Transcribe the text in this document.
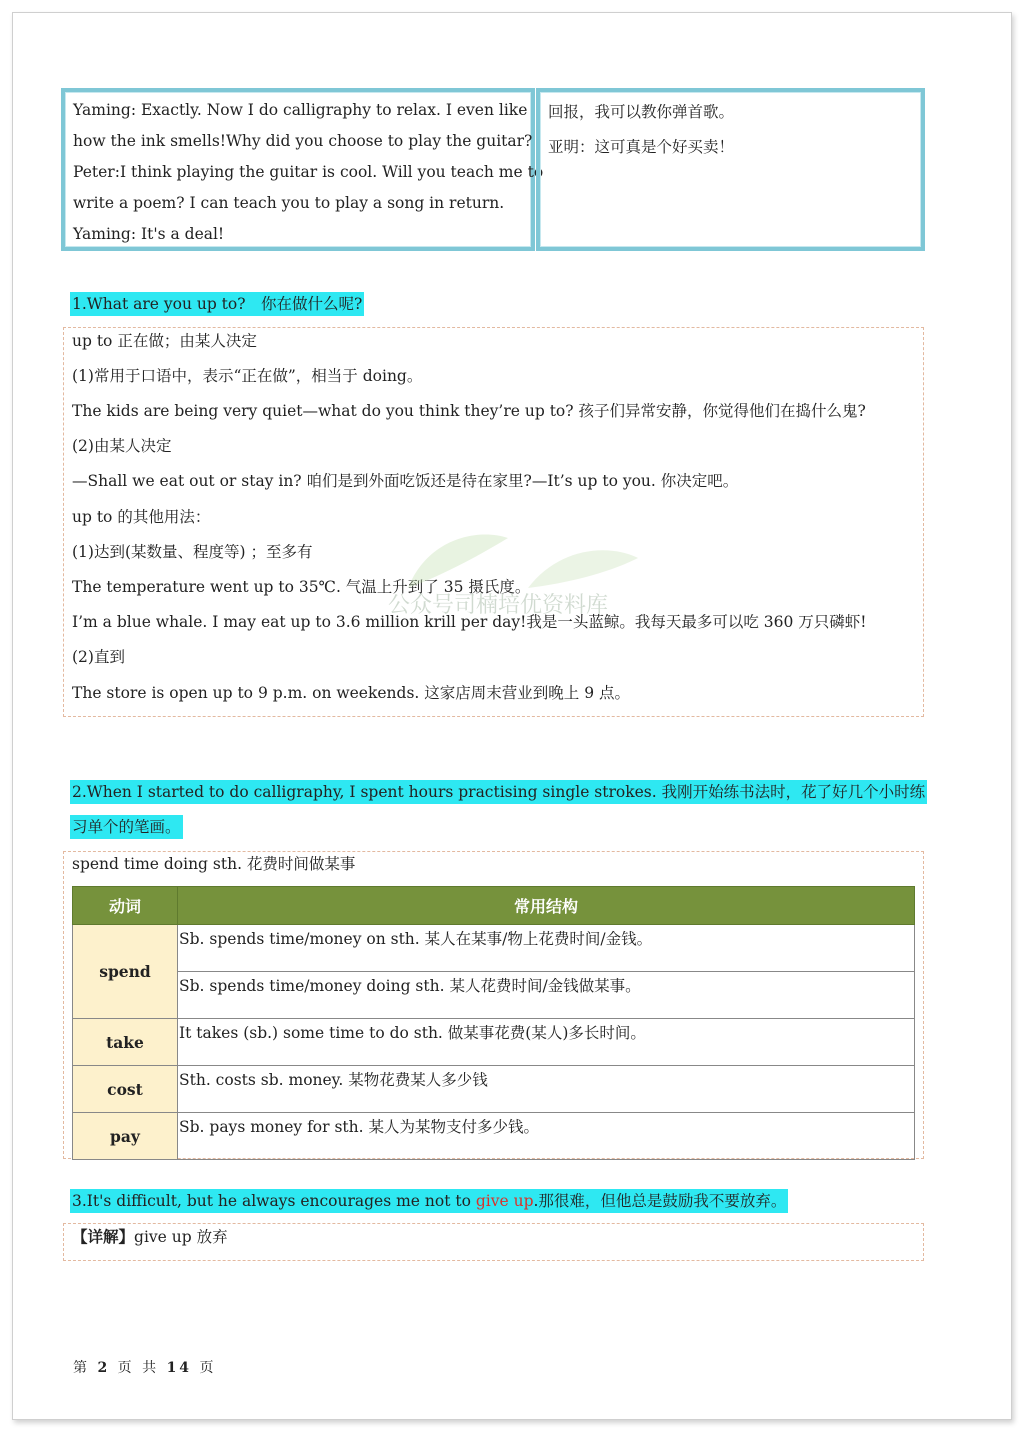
Yaming: Exactly. Now I do calligraphy to relax. I even like
how the ink smells!Why did you choose to play the guitar?
Peter:I think playing the guitar is cool. Will you teach me to
write a poem? I can teach you to play a song in return.
Yaming: It's a deal!
回报，我可以教你弹首歌。
亚明：这可真是个好买卖！
1.What are you up to?　你在做什么呢?
up to 正在做；由某人决定
(1)常用于口语中，表示“正在做”，相当于 doing。
The kids are being very quiet—what do you think they’re up to? 孩子们异常安静，你觉得他们在捣什么鬼?
(2)由某人决定
—Shall we eat out or stay in? 咱们是到外面吃饭还是待在家里?—It’s up to you. 你决定吧。
up to 的其他用法：
(1)达到(某数量、程度等) ；至多有
The temperature went up to 35℃. 气温上升到了 35 摄氏度。
I’m a blue whale. I may eat up to 3.6 million krill per day!我是一头蓝鲸。我每天最多可以吃 360 万只磷虾!
(2)直到
The store is open up to 9 p.m. on weekends. 这家店周末营业到晚上 9 点。
公众号司楠培优资料库
2.When I started to do calligraphy, I spent hours practising single strokes. 我刚开始练书法时，花了好几个小时练
习单个的笔画。
spend time doing sth. 花费时间做某事
动词	常用结构
spend	Sb. spends time/money on sth. 某人在某事/物上花费时间/金钱。
	Sb. spends time/money doing sth. 某人花费时间/金钱做某事。
take	It takes (sb.) some time to do sth. 做某事花费(某人)多长时间。
cost	Sth. costs sb. money. 某物花费某人多少钱
pay	Sb. pays money for sth. 某人为某物支付多少钱。
3.It's difficult, but he always encourages me not to give up.那很难，但他总是鼓励我不要放弃。
【详解】give up 放弃
第 2 页 共 14 页
